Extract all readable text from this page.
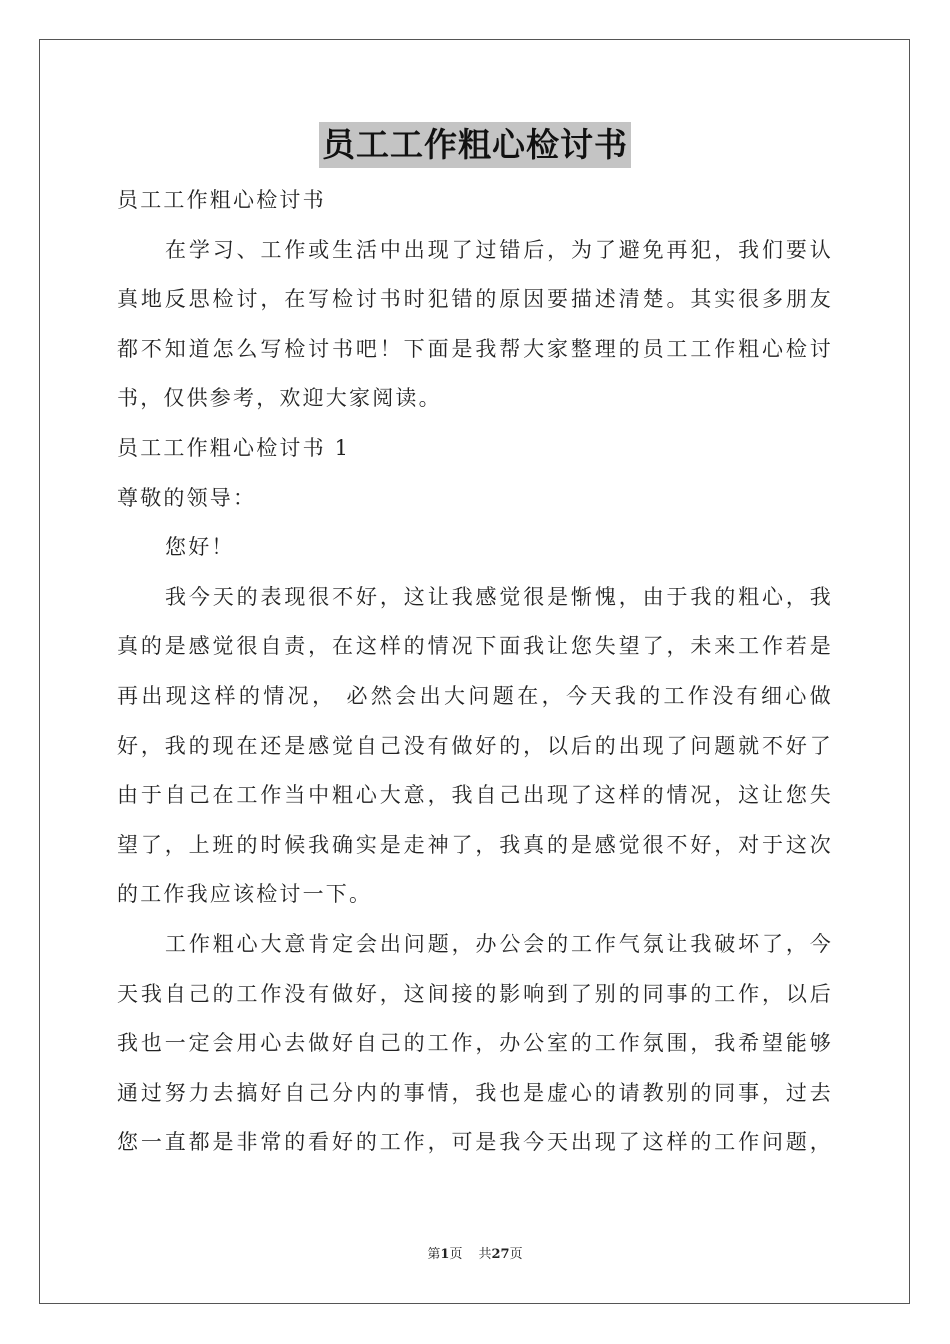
员工工作粗心检讨书
员工工作粗心检讨书
在学习、工作或生活中出现了过错后，为了避免再犯，我们要认
真地反思检讨，在写检讨书时犯错的原因要描述清楚。其实很多朋友
都不知道怎么写检讨书吧！下面是我帮大家整理的员工工作粗心检讨
书，仅供参考，欢迎大家阅读。
员工工作粗心检讨书 1
尊敬的领导：
您好！
我今天的表现很不好，这让我感觉很是惭愧，由于我的粗心，我
真的是感觉很自责，在这样的情况下面我让您失望了，未来工作若是
再出现这样的情况， 必然会出大问题在，今天我的工作没有细心做
好，我的现在还是感觉自己没有做好的，以后的出现了问题就不好了
由于自己在工作当中粗心大意，我自己出现了这样的情况，这让您失
望了，上班的时候我确实是走神了，我真的是感觉很不好，对于这次
的工作我应该检讨一下。
工作粗心大意肯定会出问题，办公会的工作气氛让我破坏了，今
天我自己的工作没有做好，这间接的影响到了别的同事的工作，以后
我也一定会用心去做好自己的工作，办公室的工作氛围，我希望能够
通过努力去搞好自己分内的事情，我也是虚心的请教别的同事，过去
您一直都是非常的看好的工作，可是我今天出现了这样的工作问题，
第1页 共27页
